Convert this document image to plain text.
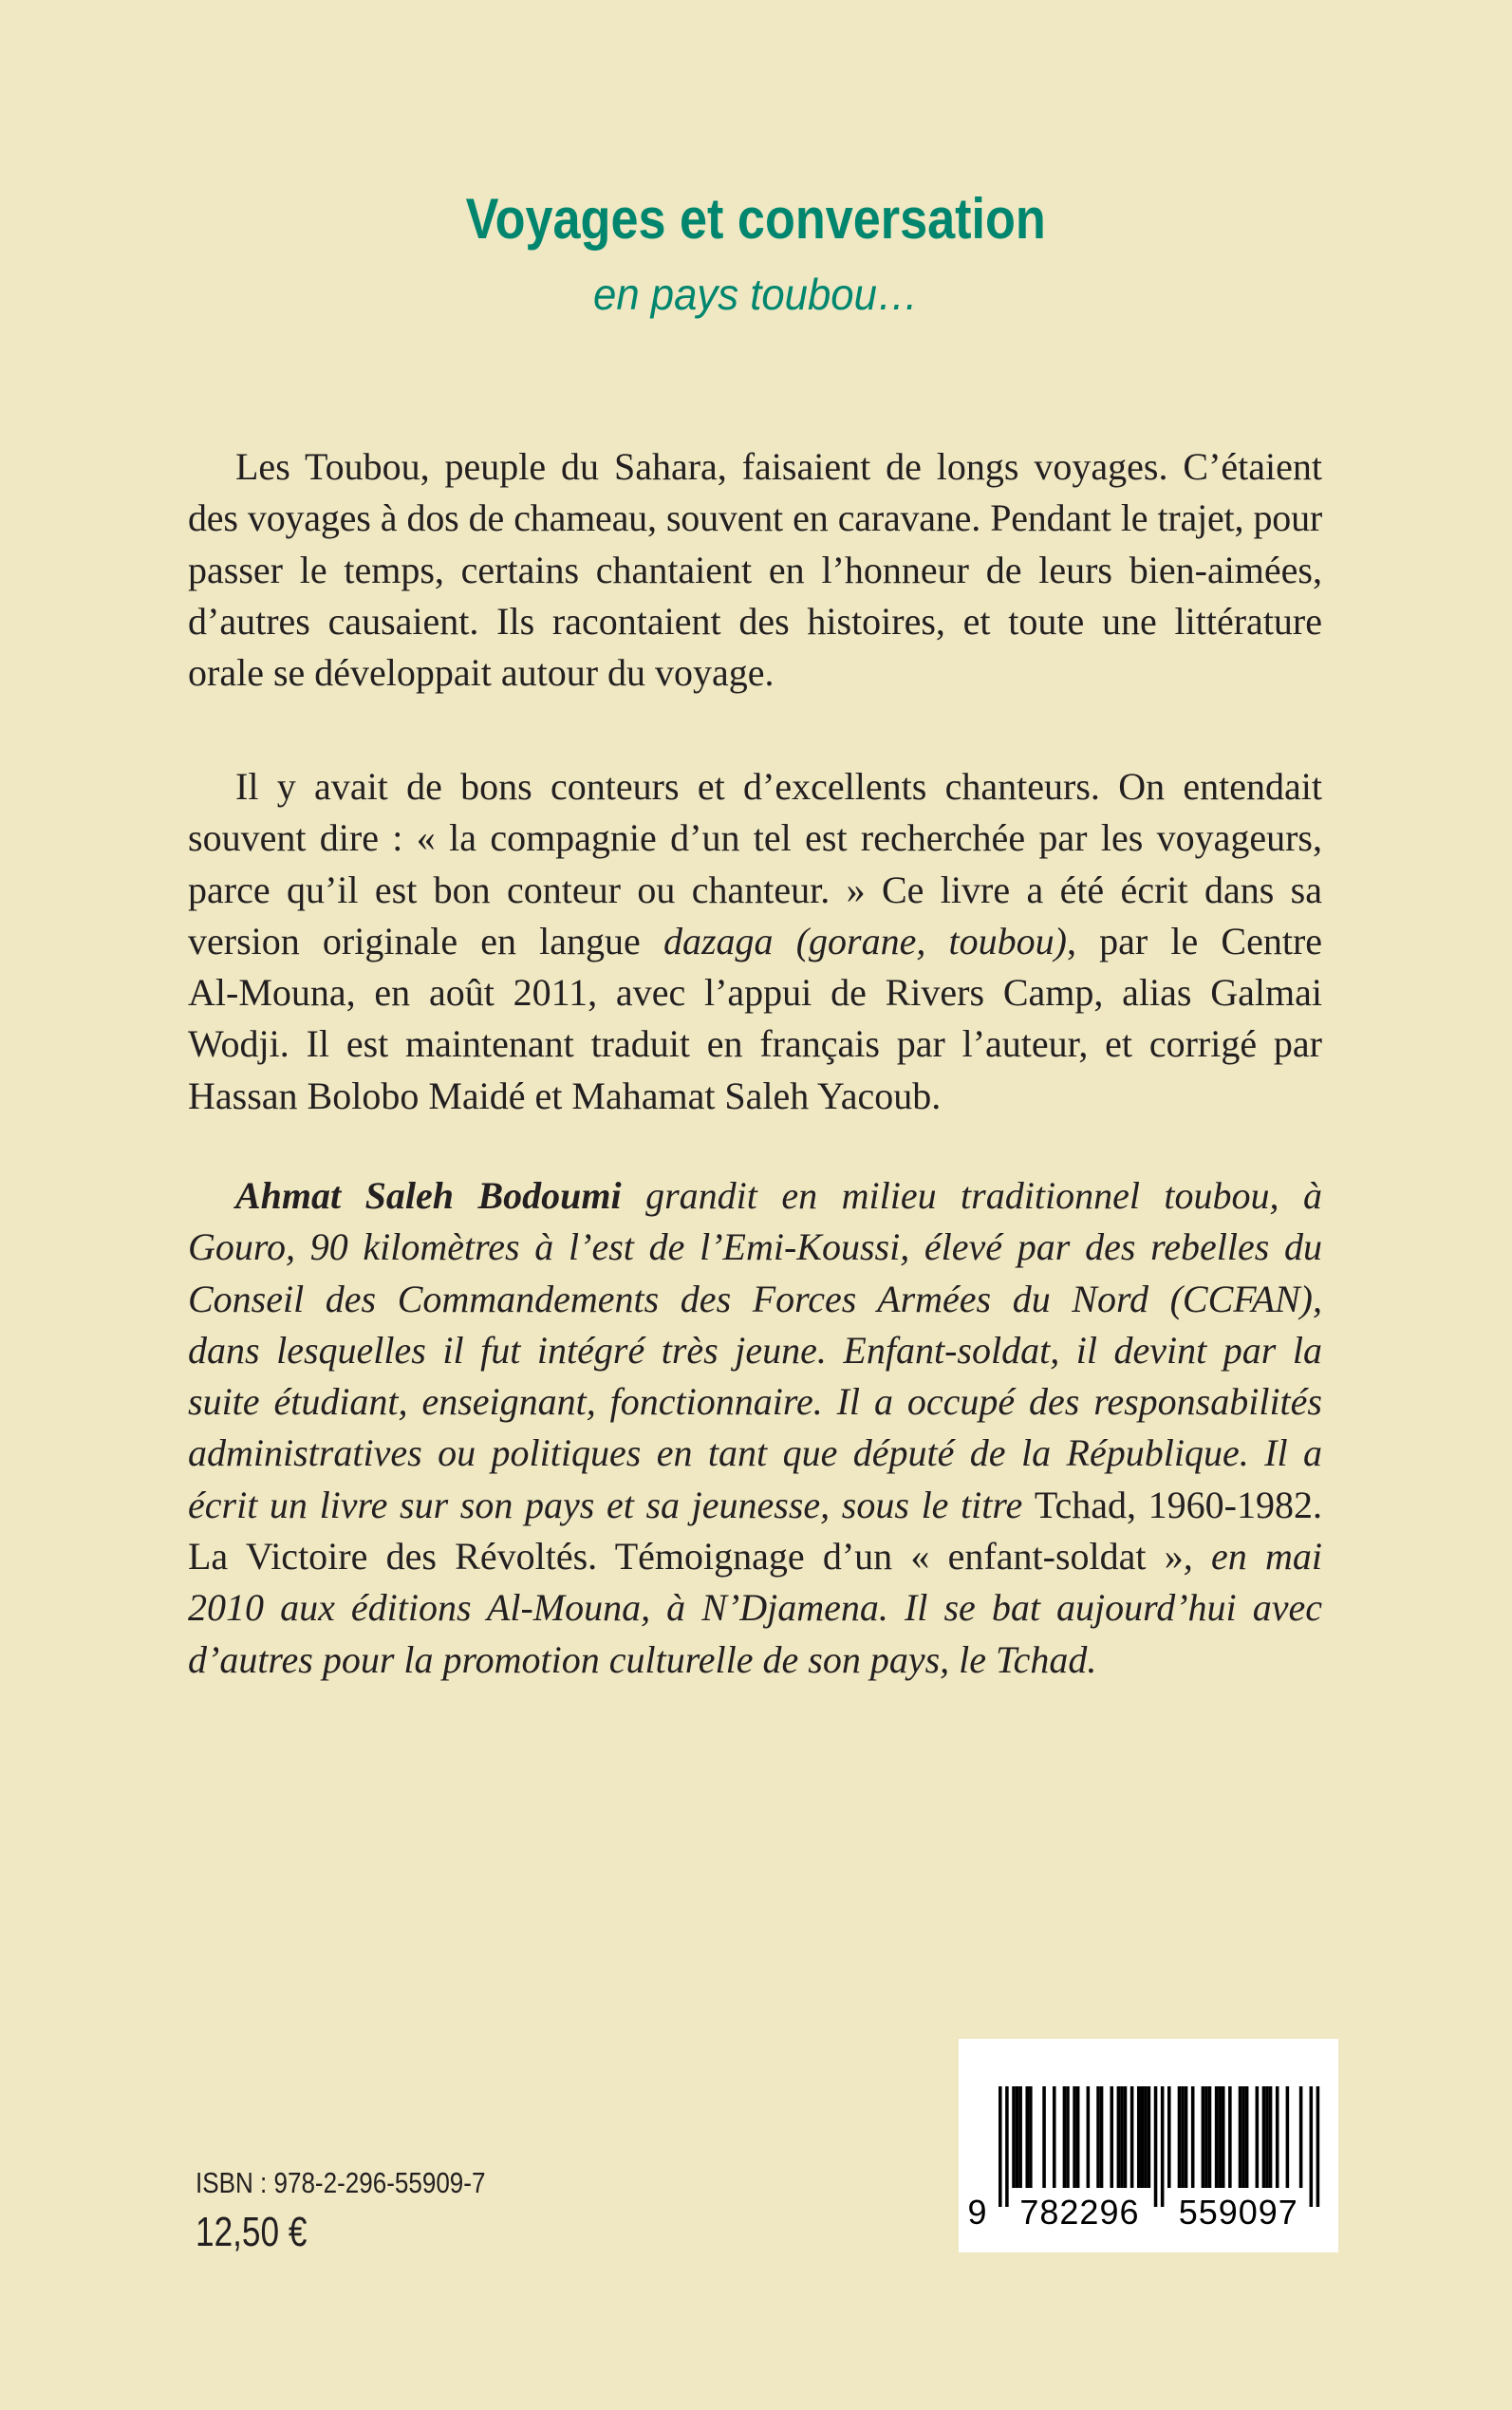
Voyages et conversation
en pays toubou…
Les Toubou, peuple du Sahara, faisaient de longs voyages. C’étaient
des voyages à dos de chameau, souvent en caravane. Pendant le trajet, pour
passer le temps, certains chantaient en l’honneur de leurs bien-aimées,
d’autres causaient. Ils racontaient des histoires, et toute une littérature
orale se développait autour du voyage.
Il y avait de bons conteurs et d’excellents chanteurs. On entendait
souvent dire : « la compagnie d’un tel est recherchée par les voyageurs,
parce qu’il est bon conteur ou chanteur. » Ce livre a été écrit dans sa
version originale en langue dazaga (gorane, toubou), par le Centre
Al-Mouna, en août 2011, avec l’appui de Rivers Camp, alias Galmai
Wodji. Il est maintenant traduit en français par l’auteur, et corrigé par
Hassan Bolobo Maidé et Mahamat Saleh Yacoub.
Ahmat Saleh Bodoumi grandit en milieu traditionnel toubou, à
Gouro, 90 kilomètres à l’est de l’Emi-Koussi, élevé par des rebelles du
Conseil des Commandements des Forces Armées du Nord (CCFAN),
dans lesquelles il fut intégré très jeune. Enfant-soldat, il devint par la
suite étudiant, enseignant, fonctionnaire. Il a occupé des responsabilités
administratives ou politiques en tant que député de la République. Il a
écrit un livre sur son pays et sa jeunesse, sous le titre Tchad, 1960-1982.
La Victoire des Révoltés. Témoignage d’un « enfant-soldat », en mai
2010 aux éditions Al-Mouna, à N’Djamena. Il se bat aujourd’hui avec
d’autres pour la promotion culturelle de son pays, le Tchad.
ISBN : 978-2-296-55909-7
12,50 €	9 782296 559097
